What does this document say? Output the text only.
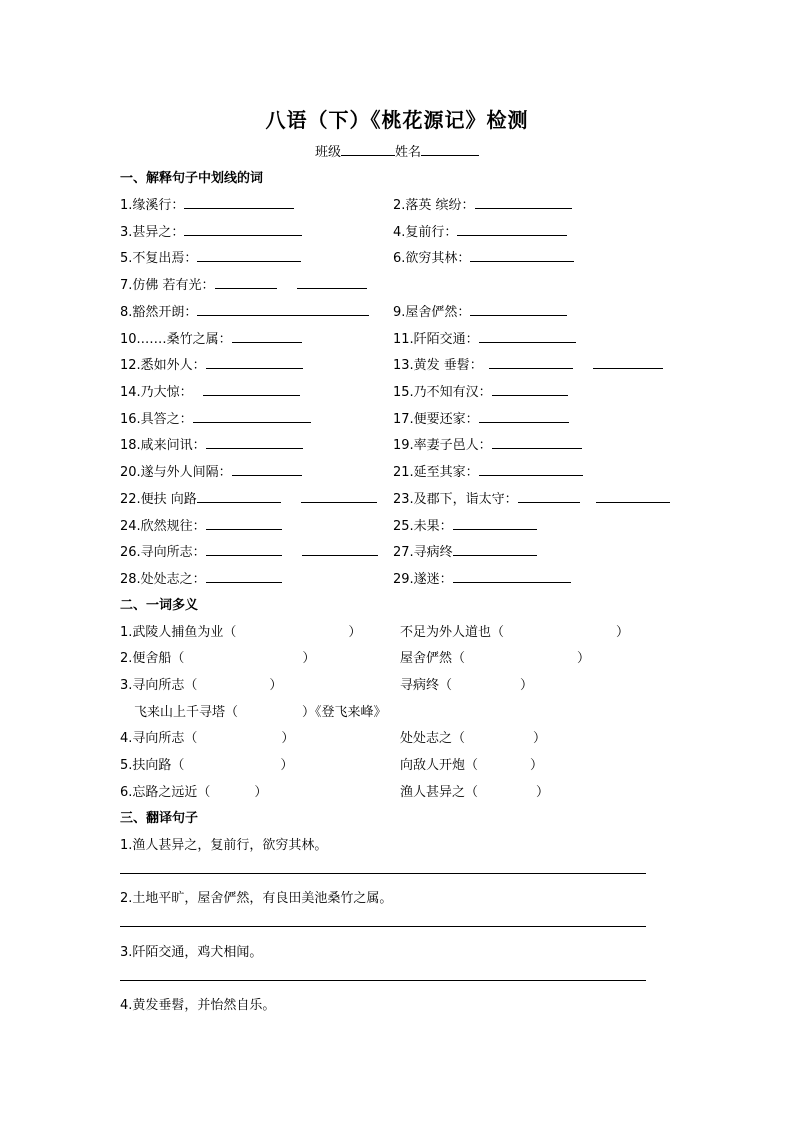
八语（下）《桃花源记》检测
班级	姓名
一、解释句子中划线的词
1.缘溪行：	2.落英 缤纷：
3.甚异之：	4.复前行：
5.不复出焉：	6.欲穷其林：
7.仿佛 若有光：
8.豁然开朗：	9.屋舍俨然：
10.……桑竹之属：	11.阡陌交通：
12.悉如外人：	13.黄发 垂髫：
14.乃大惊：	15.乃不知有汉：
16.具答之：	17.便要还家：
18.咸来问讯：	19.率妻子邑人：
20.遂与外人间隔：	21.延至其家：
22.便扶 向路	23.及郡下，诣太守：
24.欣然规往：	25.未果：
26.寻向所志：	27.寻病终
28.处处志之：	29.遂迷：
二、一词多义
1.武陵人捕鱼为业（	）	不足为外人道也（	）
2.便舍船（	）	屋舍俨然（	）
3.寻向所志（	）	寻病终（	）
飞来山上千寻塔（	）《登飞来峰》
4.寻向所志（	）	处处志之（	）
5.扶向路（	）	向敌人开炮（	）
6.忘路之远近（	）	渔人甚异之（	）
三、翻译句子
1.渔人甚异之，复前行，欲穷其林。
2.土地平旷，屋舍俨然，有良田美池桑竹之属。
3.阡陌交通，鸡犬相闻。
4.黄发垂髫，并怡然自乐。
